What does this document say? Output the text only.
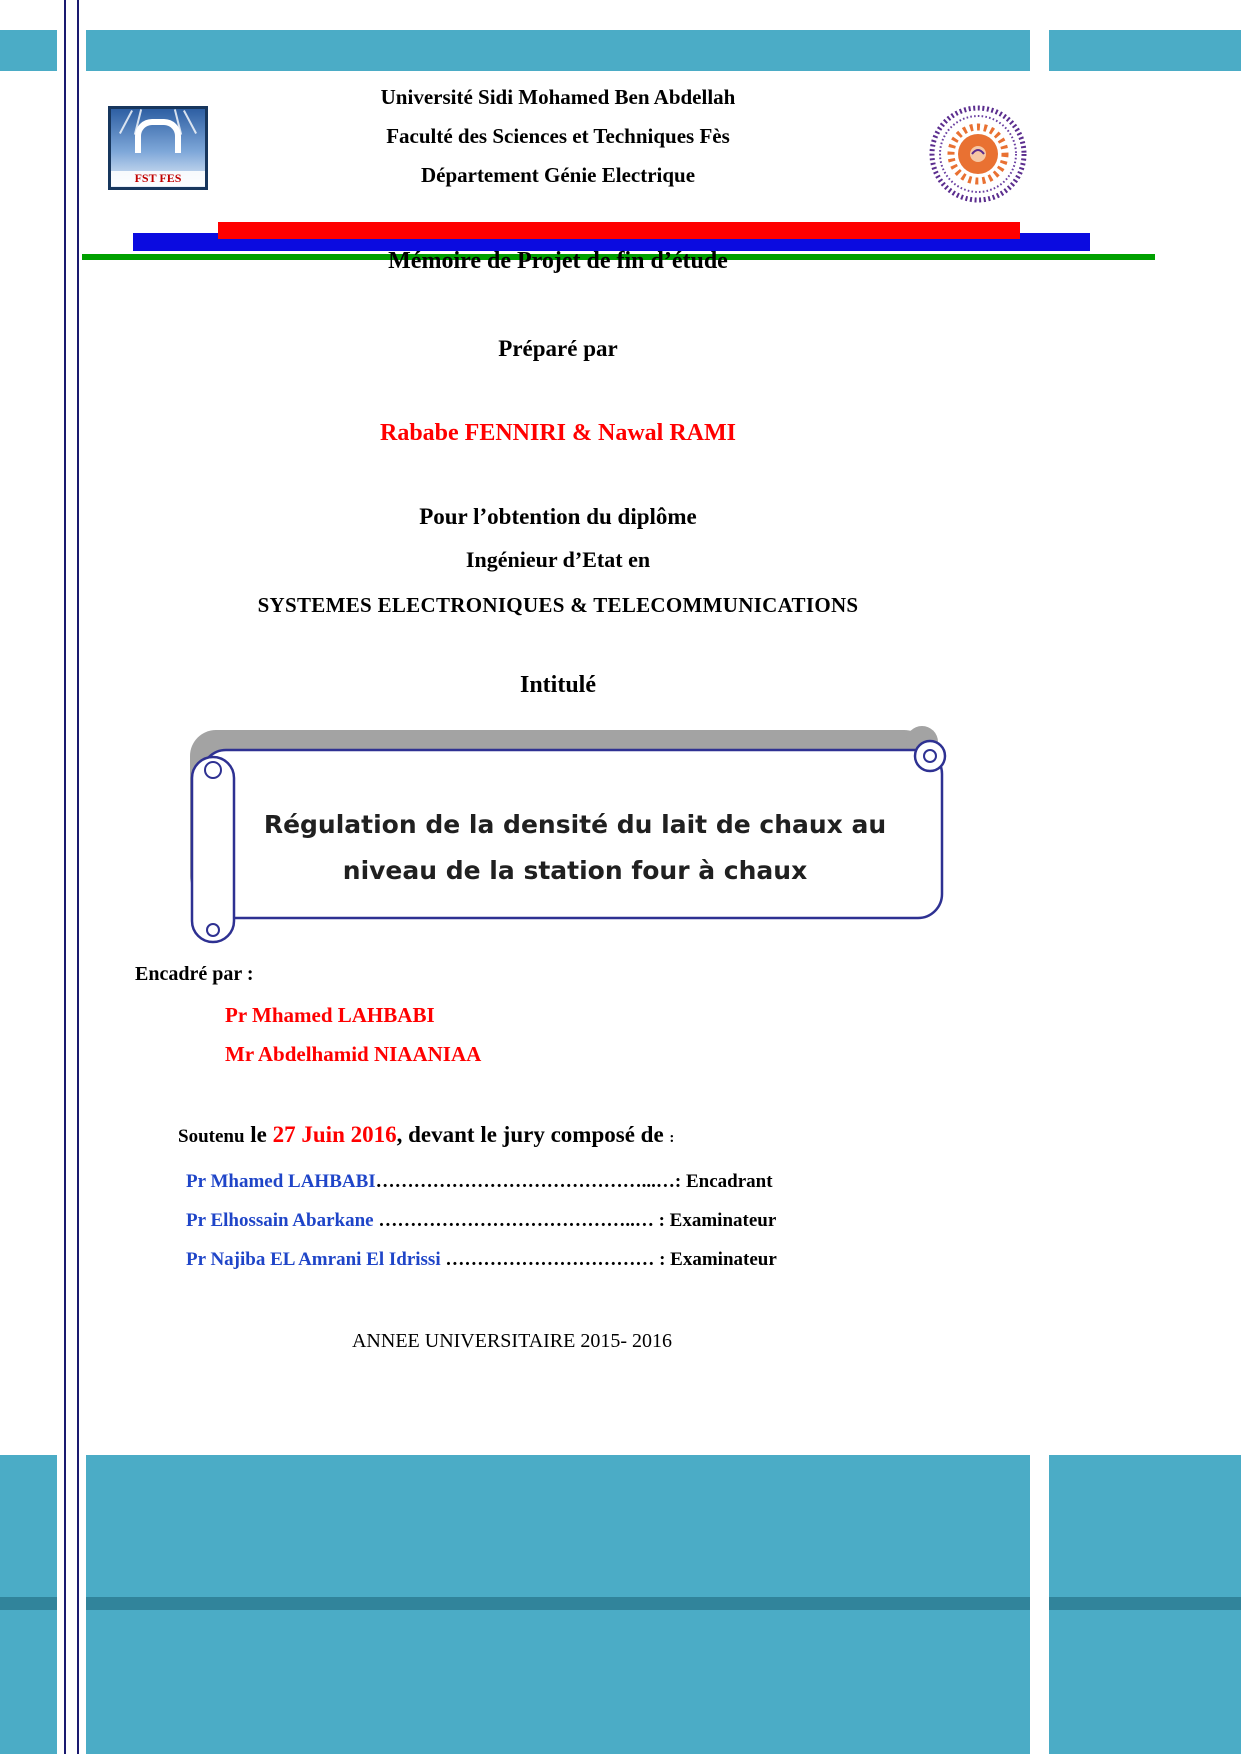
Université Sidi Mohamed Ben Abdellah
Faculté des Sciences et Techniques Fès
Département Génie Electrique
FST FES
Mémoire de Projet de fin d’étude
Préparé par
Rababe FENNIRI & Nawal RAMI
Pour l’obtention du diplôme
Ingénieur d’Etat en
SYSTEMES ELECTRONIQUES & TELECOMMUNICATIONS
Intitulé
Régulation de la densité du lait de chaux au
niveau de la station four à chaux
Encadré par :
Pr Mhamed LAHBABI
Mr Abdelhamid NIAANIAA
Soutenu le 27 Juin 2016, devant le jury composé de :
Pr Mhamed LAHBABI……………………………………...…: Encadrant
Pr Elhossain Abarkane …………………………………..… : Examinateur
Pr Najiba EL Amrani El Idrissi …………………………… : Examinateur
ANNEE UNIVERSITAIRE 2015- 2016
